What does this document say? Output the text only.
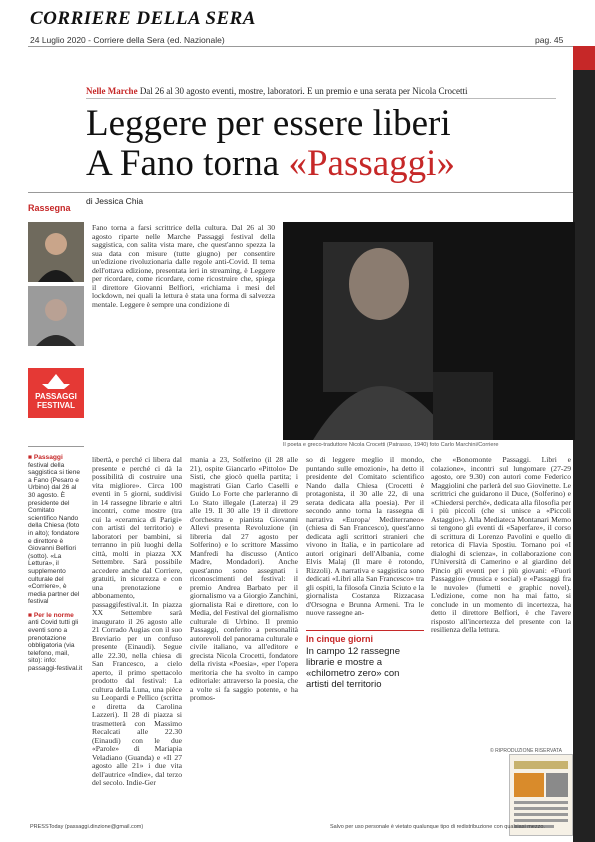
CORRIERE DELLA SERA
24 Luglio 2020 - Corriere della Sera (ed. Nazionale)	pag. 45
Nelle Marche Dal 26 al 30 agosto eventi, mostre, laboratori. E un premio e una serata per Nicola Crocetti
Leggere per essere liberi
A Fano torna «Passaggi»
Rassegna
PASSAGGI
FESTIVAL
■ Passaggi festival della saggistica si tiene a Fano (Pesaro e Urbino) dal 26 al 30 agosto. È presidente del Comitato scientifico Nando della Chiesa (foto in alto); fondatore e direttore è Giovanni Belfiori (sotto). «La Lettura», il supplemento culturale del «Corriere», è media partner del festival
■ Per le norme anti Covid tutti gli eventi sono a prenotazione obbligatoria (via telefono, mail, sito): info: passaggi-festival.it
di Jessica Chia

Fano torna a farsi scrittrice della cultura. Dal 26 al 30 agosto riparte nelle Marche Passaggi festival della saggistica, con salita vista mare, che quest'anno spezza la sua data con misure (tutte giugno) per consentire un'edizione rivoluzionaria dalle regole anti-Covid. Il tema dell'ottava edizione, presentata ieri in streaming, è Leggere per ricordare, come ricordare, come ricostruire che, spiega il direttore Giovanni Belfiori, «richiama i mesi del lockdown, nei quali la lettura è stata una forma di salvezza mentale. Leggere è sempre una condizione di

libertà, e perché ci libera dal presente e perché ci dà la possibilità di costruire una vita migliore». Circa 100 eventi in 5 giorni, suddivisi in 14 rassegne librarie e altri incontri, come mostre (tra cui la «ceramica di Parigi» con artisti del territorio) e laboratori per bambini, si terranno in più luoghi della città, molti in piazza XX Settembre. Sarà possibile accedere anche dal Corriere, gratuiti, in sicurezza e con una prenotazione e abbonamento, passaggifestival.it. In piazza XX Settembre sarà inaugurato il 26 agosto alle 21 Corrado Augias con il suo Breviario per un confuso presente (Einaudi). Segue alle 22.30, nella chiesa di San Francesco, a cielo aperto, il primo spettacolo prodotto dal festival: La cultura della Luna, una pièce su Leopardi e Pellico (scritta e diretta da Carolina Lazzeri). Il 28 di piazza si trasmetterà con Massimo Recalcati alle 22.30 (Einaudi) con le due «Parole» di Mariapia Veladiano (Guanda) e «Il 27 agosto alle 21» i due vita dell'autrice «Indie», dal terzo del secolo. Indie-Ger

Il poeta e greco-traduttore Nicola Crocetti (Patrasso, 1940) foto Carlo Marchini/Corriere

mania a 23, Solferino (il 28 alle 21), ospite Giancarlo «Pittolo» De Sisti, che giocò quella partita; i magistrati Gian Carlo Caselli e Guido Lo Forte che parleranno di Lo Stato illegale (Laterza) il 29 alle 19. Il 30 alle 19 il direttore d'orchestra e pianista Giovanni Allevi presenta Revoluzione (in libreria dal 27 agosto per Solferino) e lo scrittore Massimo Manfredi ha discusso (Antico Madre, Mondadori). Anche quest'anno sono assegnati i riconoscimenti del festival: il premio Andrea Barbato per il giornalismo va a Giorgio Zanchini, giornalista Rai e direttore, con lo Media, del Festival del giornalismo culturale di Urbino. Il premio Passaggi, conferito a personalità autorevoli del panorama culturale e civile italiano, va all'editore e grecista Nicola Crocetti, fondatore della rivista «Poesia», «per l'opera meritoria che ha svolto in campo editoriale: attraverso la poesia, che a volte si fa saggio potente, e ha promos-

so di leggere meglio il mondo, puntando sulle emozioni», ha detto il presidente del Comitato scientifico Nando dalla Chiesa (Crocetti è protagonista, il 30 alle 22, di una serata dedicata alla poesia). Per il secondo anno torna la rassegna di narrativa «Europa/ Mediterraneo» (chiesa di San Francesco), quest'anno dedicata agli scrittori stranieri che vivono in Italia, e in particolare ad autori originari dell'Albania, come Elvis Malaj (Il mare è rotondo, Rizzoli). A narrativa e saggistica sono dedicati «Libri alla San Francesco» tra gli ospiti, la filosofa Cinzia Sciuto e la giornalista Costanza Rizzacasa d'Orsogna e Brunna Armeni. Tra le nuove rassegne an-

In cinque giorni
In campo 12 rassegne librarie e mostre a «chilometro zero» con artisti del territorio

che «Bonomonte Passaggi. Libri e colazione», incontri sul lungomare (27-29 agosto, ore 9.30) con autori come Federico Maggiolini che parlerà del suo Giovinette. Le scrittrici che guidarono il Duce, (Solferino) e «Chiedersi perché», dedicata alla filosofia per i più piccoli (che si unisce a «Piccoli Astaggio»). Alla Mediateca Montanari Memo si tengono gli eventi di «Saperfare», il corso di scrittura di Lorenzo Pavolini e quello di retorica di Flavia Spostiu. Tornano poi «I dialoghi di scienza», in collaborazione con l'Università di Camerino e al giardino del Pincio gli eventi per i più giovani: «Fuori Passaggio» (musica e social) e «Passaggi fra le nuvole» (fumetti e graphic novel). L'edizione, come non ha mai fatto, si conclude in un momento di incertezza, ha detto il direttore Belfiori, è che l'avere risposto all'incertezza del presente con la resilienza della lettura.

© RIPRODUZIONE RISERVATA
PRESSToday (passaggi.dinzione@gmail.com)	Salvo per uso personale è vietato qualunque tipo di redistribuzione con qualsiasi mezzo.
